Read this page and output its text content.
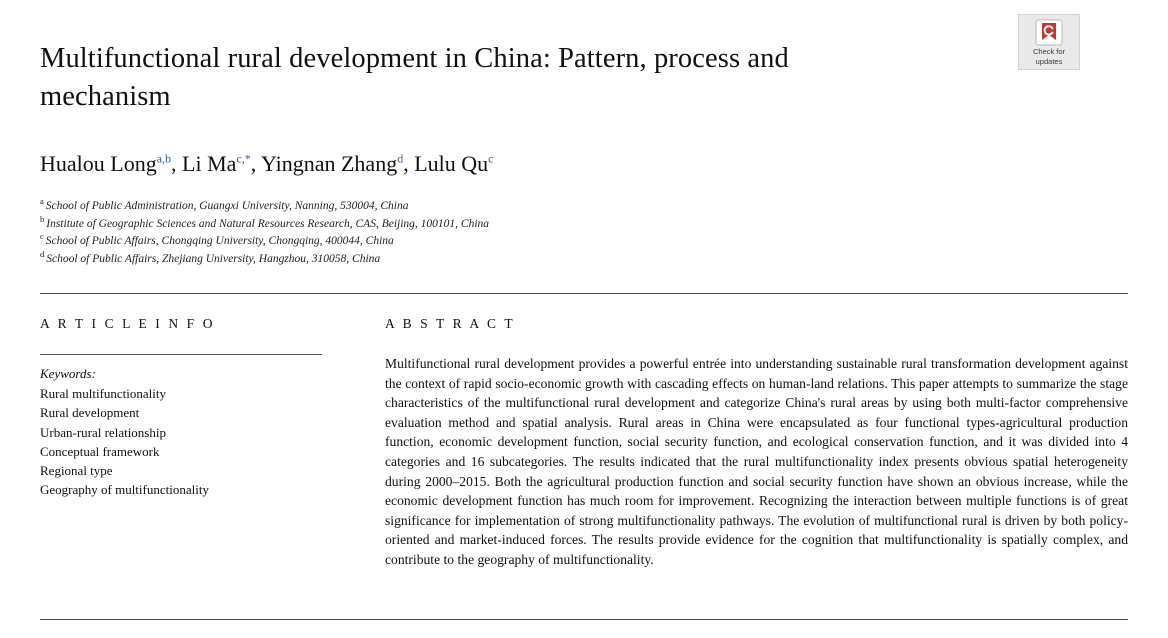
Check for
updates
Multifunctional rural development in China: Pattern, process and mechanism
Hualou Long$^{a,b}$, Li $Ma^{c,*}$, Yingnan Zhang$^d$, Lulu Qu$^c$
$^a$ School of Public Administration, Guangxi University, Nanning, 530004, China
$^b$ Institute of Geographic Sciences and Natural Resources Research, CAS, Beijing, 100101, China
$^c$ School of Public Affairs, Chongqing University, Chongqing, 400044, China
$^d$ School of Public Affairs, Zhejiang University, Hangzhou, 310058, China
A R T I C L E I N F O
Keywords:
Rural multifunctionality
Rural development
Urban-rural relationship
Conceptual framework
Regional type
Geography of multifunctionality
A B S T R A C T

Multifunctional rural development provides a powerful entrée into understanding sustainable rural transformation development against the context of rapid socio-economic growth with cascading effects on human-land relations. This paper attempts to summarize the stage characteristics of the multifunctional rural development and categorize China's rural areas by using both multi-factor comprehensive evaluation method and spatial analysis. Rural areas in China were encapsulated as four functional types-agricultural production function, economic development function, social security function, and ecological conservation function, and it was divided into 4 categories and 16 subcategories. The results indicated that the rural multifunctionality index presents obvious spatial heterogeneity during 2000–2015. Both the agricultural production function and social security function have shown an obvious increase, while the economic development function has much room for improvement. Recognizing the interaction between multiple functions is of great significance for implementation of strong multifunctionality pathways. The evolution of multifunctional rural is driven by both policy-oriented and market-induced forces. The results provide evidence for the cognition that multifunctionality is spatially complex, and contribute to the geography of multifunctionality.
